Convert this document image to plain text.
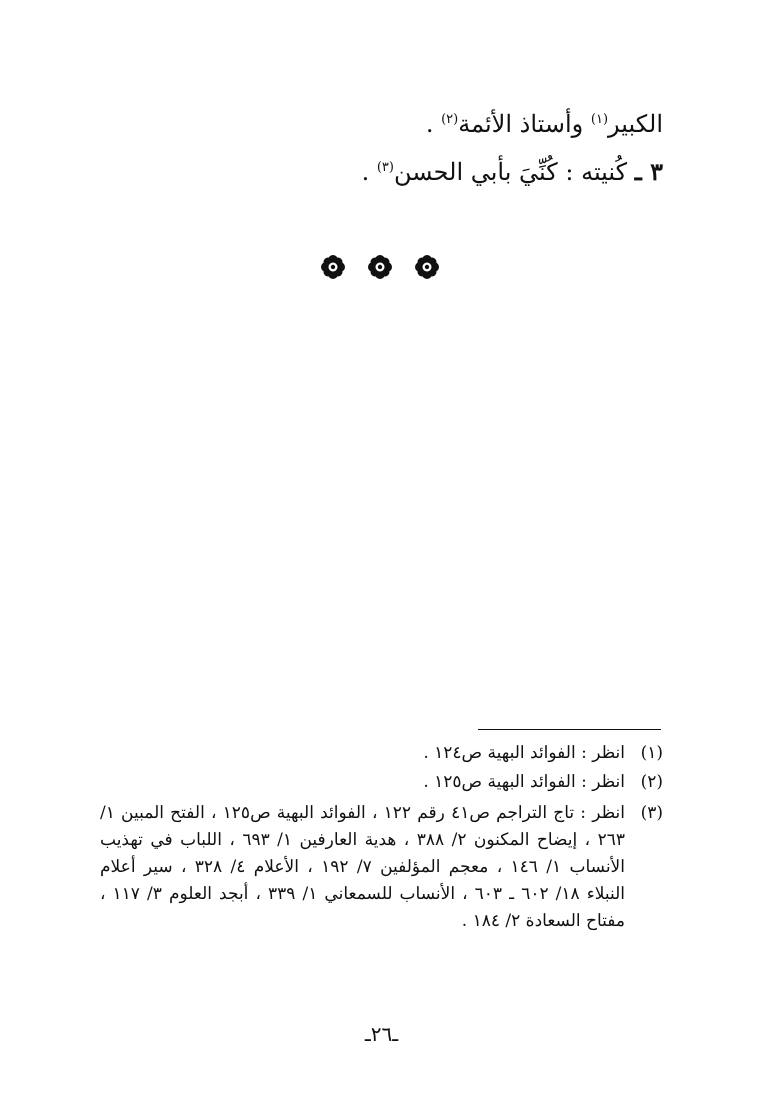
الكبير$^{(١)}$ وأستاذ الأئمة$^{(٢)}$ .
٣ ـ كُنيته : كُنِّيَ بأبي الحسن$^{(٣)}$ .
(١)انظر : الفوائد البهية ص١٢٤ .
(٢)انظر : الفوائد البهية ص١٢٥ .
(٣)
انظر : تاج التراجم ص٤١ رقم ١٢٢ ، الفوائد البهية ص١٢٥ ، الفتح المبين ١/ ٢٦٣ ، إيضاح المكنون ٢/ ٣٨٨ ، هدية العارفين ١/ ٦٩٣ ، اللباب في تهذيب الأنساب ١/ ١٤٦ ، معجم المؤلفين ٧/ ١٩٢ ، الأعلام ٤/ ٣٢٨ ، سير أعلام النبلاء ١٨/ ٦٠٢ ـ ٦٠٣ ، الأنساب للسمعاني ١/ ٣٣٩ ، أبجد العلوم ٣/ ١١٧ ، مفتاح السعادة ٢/ ١٨٤ .
ـ٢٦ـ
